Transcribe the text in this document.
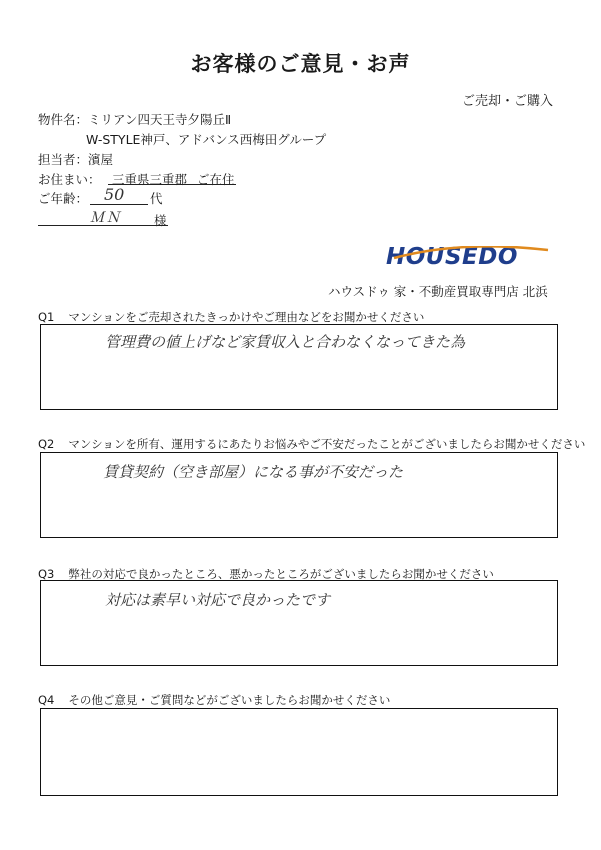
お客様のご意見・お声
ご売却・ご購入
物件名：ミリアン四天王寺夕陽丘Ⅱ
W-STYLE神戸、アドバンス西梅田グループ
担当者：濱屋
お住まい： 三重県三重郡 ご在住
ご年齢： 50 代
ＭＮ	様
HOUSE DO
ハウスドゥ 家・不動産買取専門店 北浜
Q1 マンションをご売却されたきっかけやご理由などをお聞かせください
管理費の値上げなど家賃収入と合わなくなってきた為
Q2 マンションを所有、運用するにあたりお悩みやご不安だったことがございましたらお聞かせください
賃貸契約（空き部屋）になる事が不安だった
Q3 弊社の対応で良かったところ、悪かったところがございましたらお聞かせください
対応は素早い対応で良かったです
Q4 その他ご意見・ご質問などがございましたらお聞かせください
